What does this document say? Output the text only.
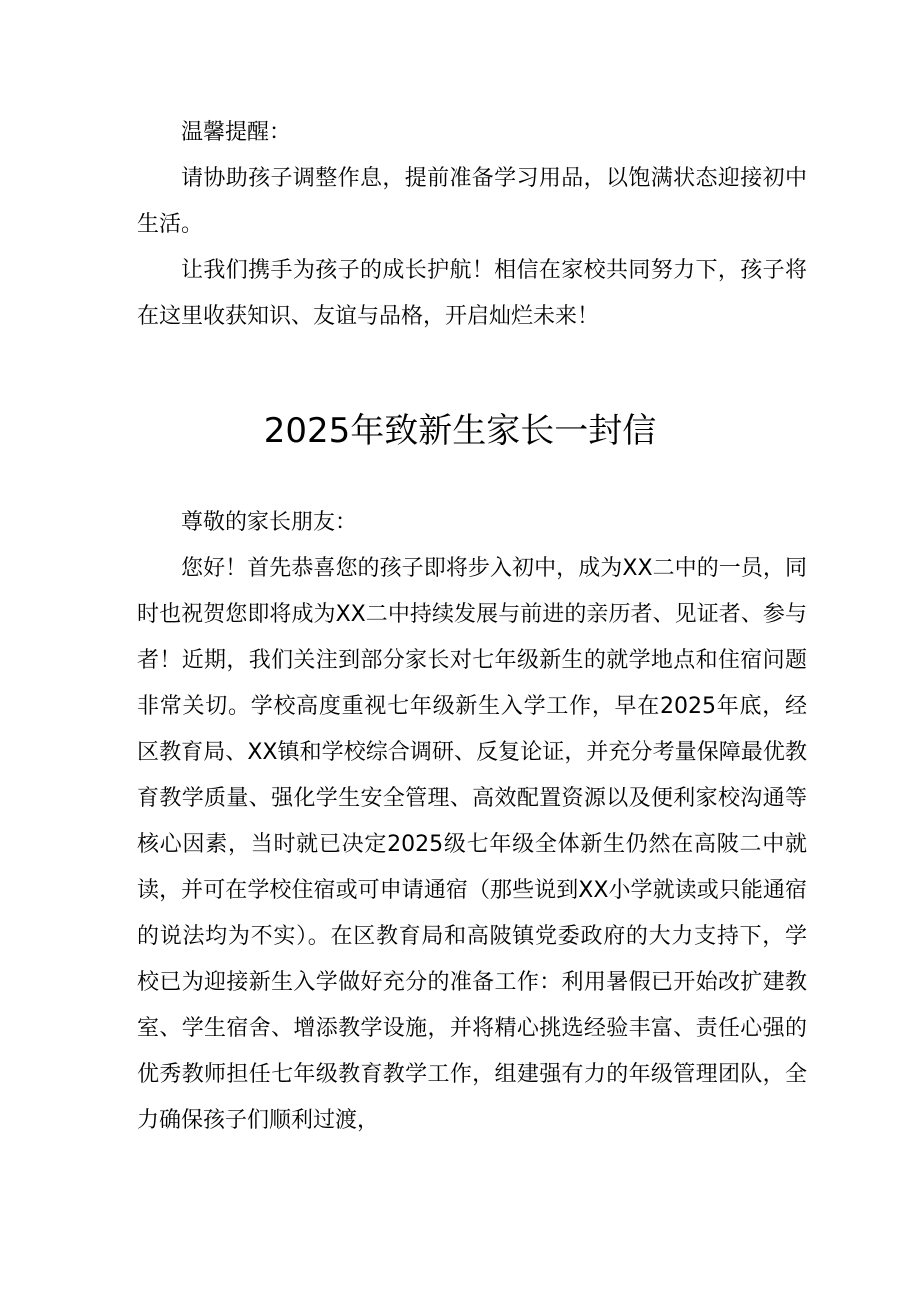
温馨提醒：

请协助孩子调整作息，提前准备学习用品，以饱满状态迎接初中生活。

让我们携手为孩子的成长护航！相信在家校共同努力下，孩子将在这里收获知识、友谊与品格，开启灿烂未来！

2025年致新生家长一封信

尊敬的家长朋友：

您好！首先恭喜您的孩子即将步入初中，成为XX二中的一员，同时也祝贺您即将成为XX二中持续发展与前进的亲历者、见证者、参与者！近期，我们关注到部分家长对七年级新生的就学地点和住宿问题非常关切。学校高度重视七年级新生入学工作，早在2025年底，经区教育局、XX镇和学校综合调研、反复论证，并充分考量保障最优教育教学质量、强化学生安全管理、高效配置资源以及便利家校沟通等核心因素，当时就已决定2025级七年级全体新生仍然在高陂二中就读，并可在学校住宿或可申请通宿（那些说到XX小学就读或只能通宿的说法均为不实）。在区教育局和高陂镇党委政府的大力支持下，学校已为迎接新生入学做好充分的准备工作：利用暑假已开始改扩建教室、学生宿舍、增添教学设施，并将精心挑选经验丰富、责任心强的优秀教师担任七年级教育教学工作，组建强有力的年级管理团队，全力确保孩子们顺利过渡，
